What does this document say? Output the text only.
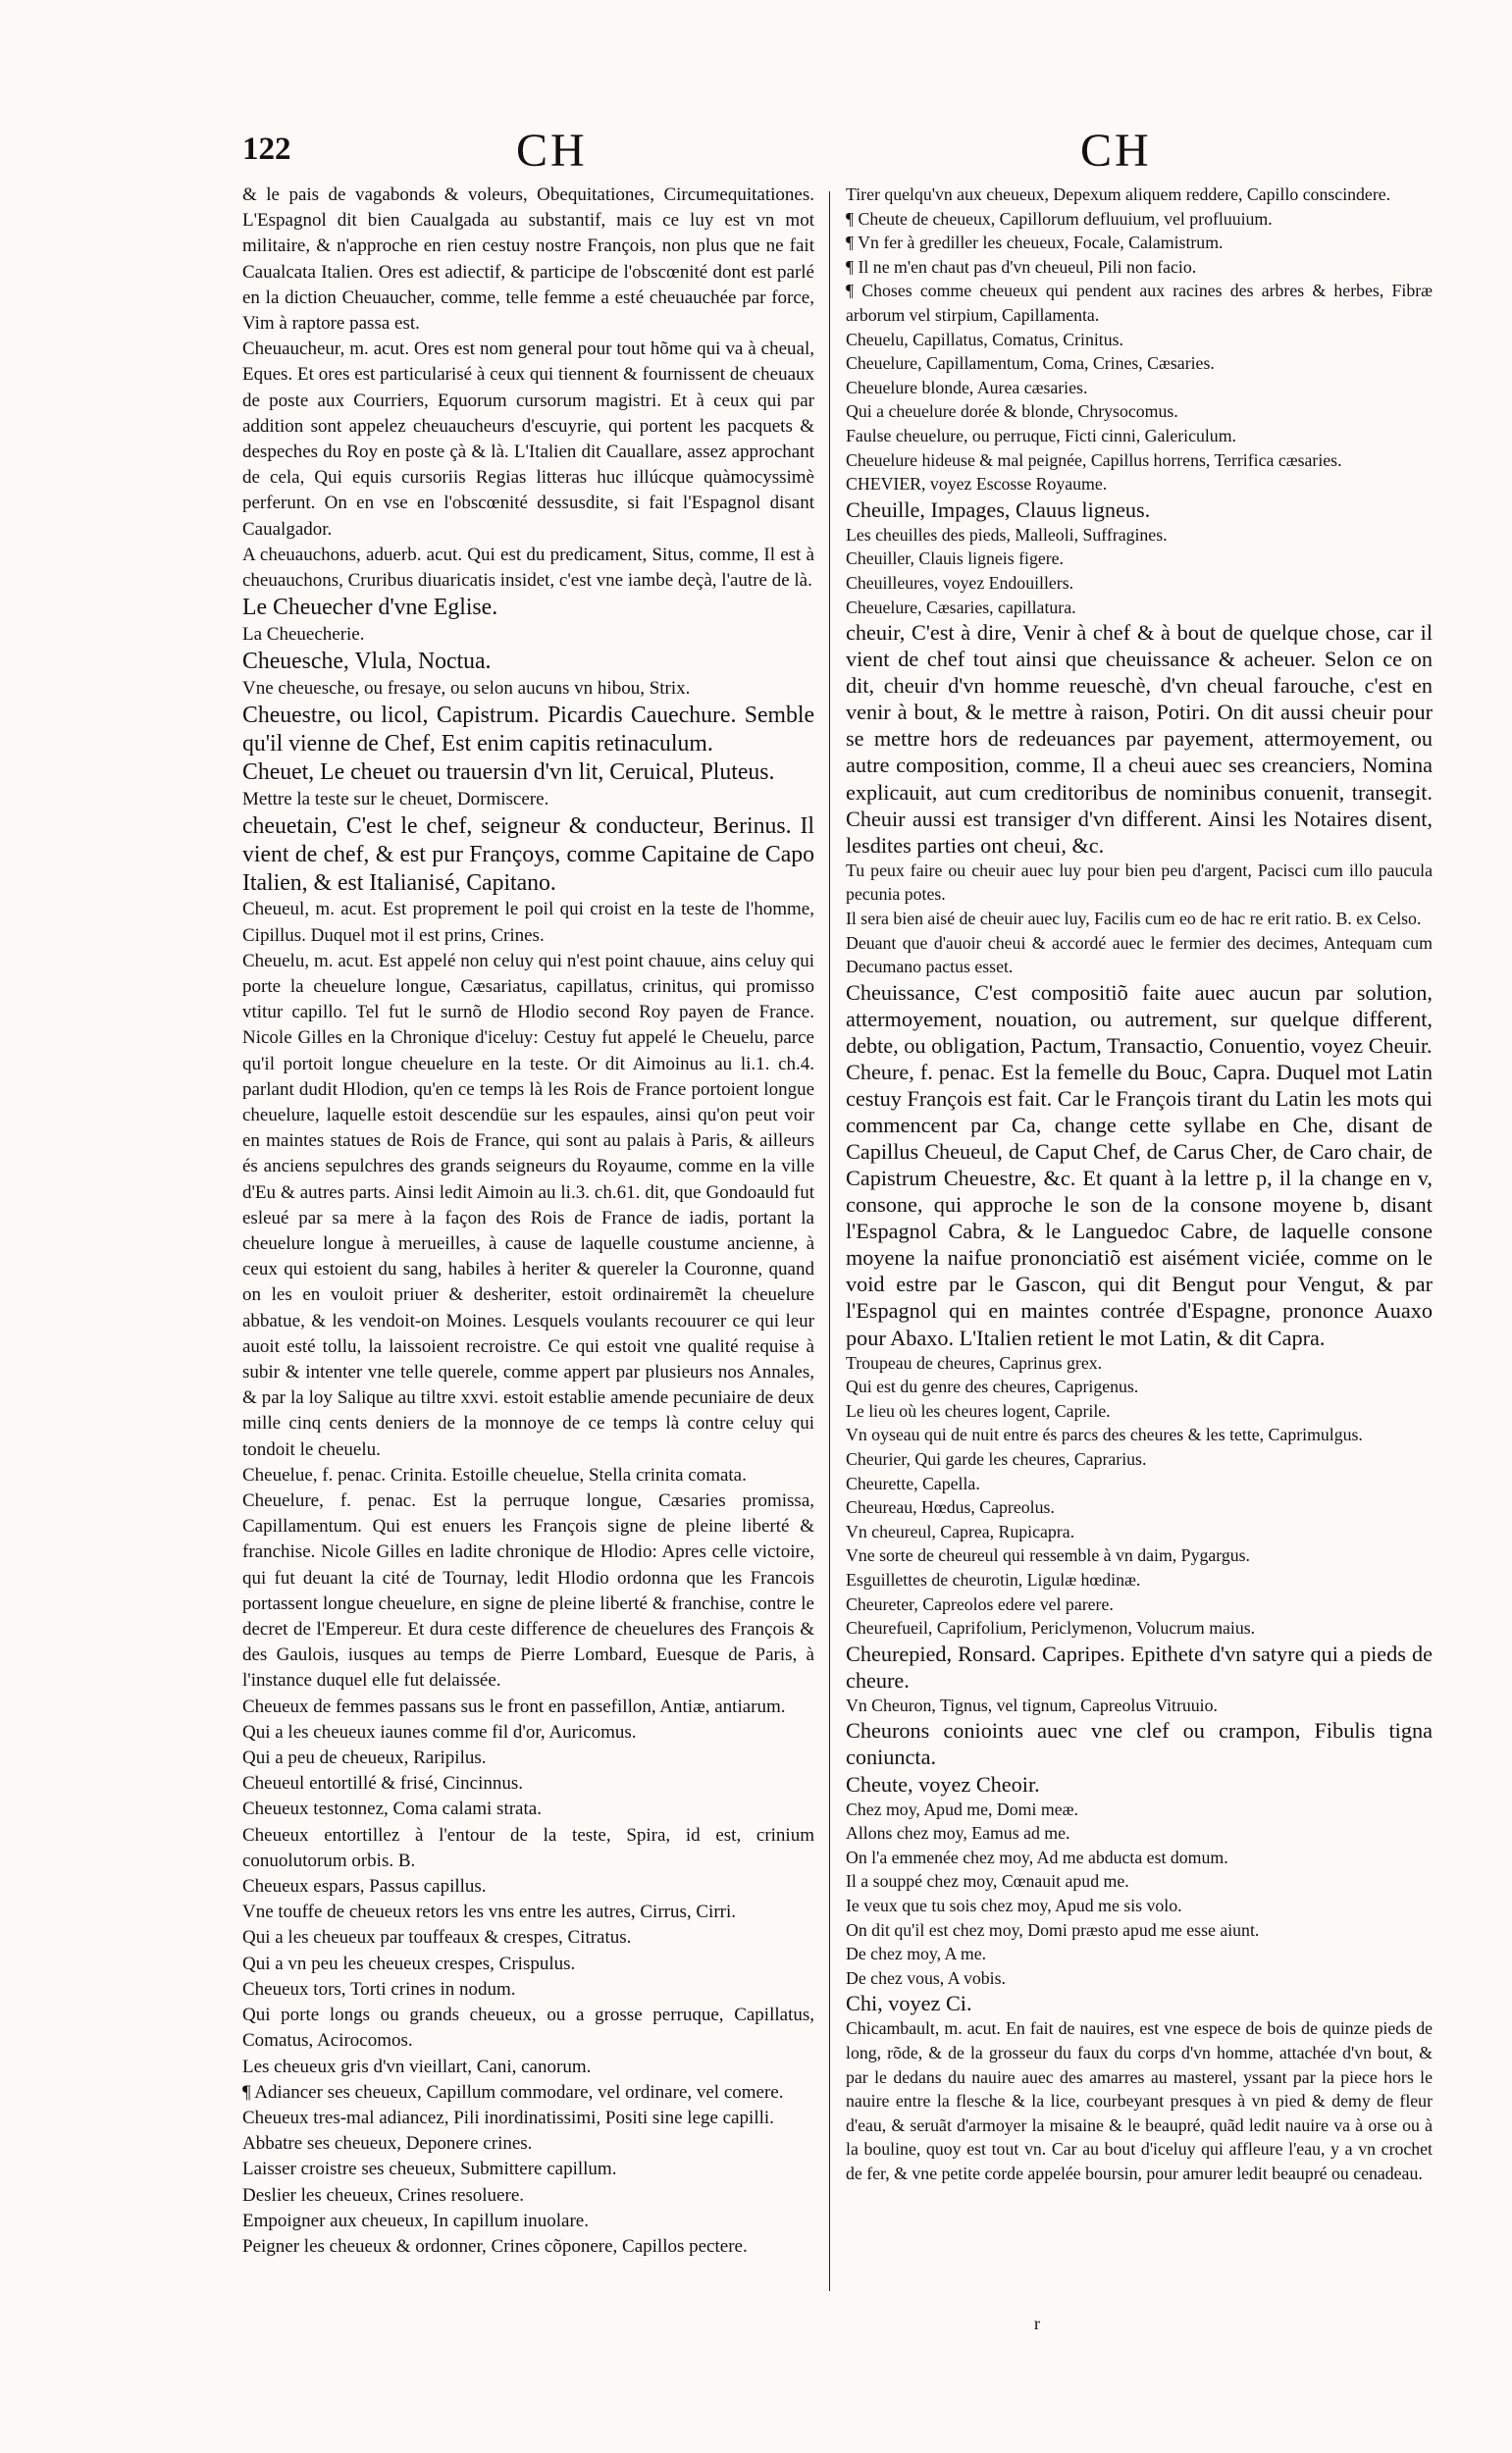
122	CH	CH

& le pais de vagabonds & voleurs, Obequitationes, Circumequitationes. L'Espagnol dit bien Caualgada au substantif, mais ce luy est vn mot militaire, & n'approche en rien cestuy nostre François, non plus que ne fait Caualcata Italien. Ores est adiectif, & participe de l'obscœnité dont est parlé en la diction Cheuaucher, comme, telle femme a esté cheuauchée par force, Vim à raptore passa est.

Cheuaucheur, m. acut. Ores est nom general pour tout hõme qui va à cheual, Eques. Et ores est particularisé à ceux qui tiennent & fournissent de cheuaux de poste aux Courriers, Equorum cursorum magistri. Et à ceux qui par addition sont appelez cheuaucheurs d'escuyrie, qui portent les pacquets & despeches du Roy en poste çà & là. L'Italien dit Cauallare, assez approchant de cela, Qui equis cursoriis Regias litteras huc illúcque quàmocyssimè perferunt. On en vse en l'obscœnité dessusdite, si fait l'Espagnol disant Caualgador.

A cheuauchons, aduerb. acut. Qui est du predicament, Situs, comme, Il est à cheuauchons, Cruribus diuaricatis insidet, c'est vne iambe deçà, l'autre de là.

Le Cheuecher d'vne Eglise.

La Cheuecherie.

Cheuesche, Vlula, Noctua.

Vne cheuesche, ou fresaye, ou selon aucuns vn hibou, Strix.

Cheuestre, ou licol, Capistrum. Picardis Cauechure. Semble qu'il vienne de Chef, Est enim capitis retinaculum.

Cheuet, Le cheuet ou trauersin d'vn lit, Ceruical, Pluteus.

Mettre la teste sur le cheuet, Dormiscere.

cheuetain, C'est le chef, seigneur & conducteur, Berinus. Il vient de chef, & est pur Françoys, comme Capitaine de Capo Italien, & est Italianisé, Capitano.

Cheueul, m. acut. Est proprement le poil qui croist en la teste de l'homme, Cipillus. Duquel mot il est prins, Crines.

Cheuelu, m. acut. Est appelé non celuy qui n'est point chauue, ains celuy qui porte la cheuelure longue, Cæsariatus, capillatus, crinitus, qui promisso vtitur capillo. Tel fut le surnõ de Hlodio second Roy payen de France. Nicole Gilles en la Chronique d'iceluy: Cestuy fut appelé le Cheuelu, parce qu'il portoit longue cheuelure en la teste. Or dit Aimoinus au li.1. ch.4. parlant dudit Hlodion, qu'en ce temps là les Rois de France portoient longue cheuelure, laquelle estoit descendüe sur les espaules, ainsi qu'on peut voir en maintes statues de Rois de France, qui sont au palais à Paris, & ailleurs és anciens sepulchres des grands seigneurs du Royaume, comme en la ville d'Eu & autres parts. Ainsi ledit Aimoin au li.3. ch.61. dit, que Gondoauld fut esleué par sa mere à la façon des Rois de France de iadis, portant la cheuelure longue à merueilles, à cause de laquelle coustume ancienne, à ceux qui estoient du sang, habiles à heriter & quereler la Couronne, quand on les en vouloit priuer & desheriter, estoit ordinairemẽt la cheuelure abbatue, & les vendoit-on Moines. Lesquels voulants recouurer ce qui leur auoit esté tollu, la laissoient recroistre. Ce qui estoit vne qualité requise à subir & intenter vne telle querele, comme appert par plusieurs nos Annales, & par la loy Salique au tiltre xxvi. estoit establie amende pecuniaire de deux mille cinq cents deniers de la monnoye de ce temps là contre celuy qui tondoit le cheuelu.

Cheuelue, f. penac. Crinita. Estoille cheuelue, Stella crinita comata.

Cheuelure, f. penac. Est la perruque longue, Cæsaries promissa, Capillamentum. Qui est enuers les François signe de pleine liberté & franchise. Nicole Gilles en ladite chronique de Hlodio: Apres celle victoire, qui fut deuant la cité de Tournay, ledit Hlodio ordonna que les Francois portassent longue cheuelure, en signe de pleine liberté & franchise, contre le decret de l'Empereur. Et dura ceste difference de cheuelures des François & des Gaulois, iusques au temps de Pierre Lombard, Euesque de Paris, à l'instance duquel elle fut delaissée.

Cheueux de femmes passans sus le front en passefillon, Antiæ, antiarum.

Qui a les cheueux iaunes comme fil d'or, Auricomus.

Qui a peu de cheueux, Raripilus.

Cheueul entortillé & frisé, Cincinnus.

Cheueux testonnez, Coma calami strata.

Cheueux entortillez à l'entour de la teste, Spira, id est, crinium conuolutorum orbis. B.

Cheueux espars, Passus capillus.

Vne touffe de cheueux retors les vns entre les autres, Cirrus, Cirri.

Qui a les cheueux par touffeaux & crespes, Citratus.

Qui a vn peu les cheueux crespes, Crispulus.

Cheueux tors, Torti crines in nodum.

Qui porte longs ou grands cheueux, ou a grosse perruque, Capillatus, Comatus, Acirocomos.

Les cheueux gris d'vn vieillart, Cani, canorum.

¶ Adiancer ses cheueux, Capillum commodare, vel ordinare, vel comere.

Cheueux tres-mal adiancez, Pili inordinatissimi, Positi sine lege capilli.

Abbatre ses cheueux, Deponere crines.

Laisser croistre ses cheueux, Submittere capillum.

Deslier les cheueux, Crines resoluere.

Empoigner aux cheueux, In capillum inuolare.

Peigner les cheueux & ordonner, Crines cõponere, Capillos pectere.

Tirer quelqu'vn aux cheueux, Depexum aliquem reddere, Capillo conscindere.

¶ Cheute de cheueux, Capillorum defluuium, vel profluuium.

¶ Vn fer à grediller les cheueux, Focale, Calamistrum.

¶ Il ne m'en chaut pas d'vn cheueul, Pili non facio.

¶ Choses comme cheueux qui pendent aux racines des arbres & herbes, Fibræ arborum vel stirpium, Capillamenta.

Cheuelu, Capillatus, Comatus, Crinitus.

Cheuelure, Capillamentum, Coma, Crines, Cæsaries.

Cheuelure blonde, Aurea cæsaries.

Qui a cheuelure dorée & blonde, Chrysocomus.

Faulse cheuelure, ou perruque, Ficti cinni, Galericulum.

Cheuelure hideuse & mal peignée, Capillus horrens, Terrifica cæsaries.

CHEVIER, voyez Escosse Royaume.

Cheuille, Impages, Clauus ligneus.

Les cheuilles des pieds, Malleoli, Suffragines.

Cheuiller, Clauis ligneis figere.

Cheuilleures, voyez Endouillers.

Cheuelure, Cæsaries, capillatura.

cheuir, C'est à dire, Venir à chef & à bout de quelque chose, car il vient de chef tout ainsi que cheuissance & acheuer. Selon ce on dit, cheuir d'vn homme reueschè, d'vn cheual farouche, c'est en venir à bout, & le mettre à raison, Potiri. On dit aussi cheuir pour se mettre hors de redeuances par payement, attermoyement, ou autre composition, comme, Il a cheui auec ses creanciers, Nomina explicauit, aut cum creditoribus de nominibus conuenit, transegit. Cheuir aussi est transiger d'vn different. Ainsi les Notaires disent, lesdites parties ont cheui, &c.

Tu peux faire ou cheuir auec luy pour bien peu d'argent, Pacisci cum illo paucula pecunia potes.

Il sera bien aisé de cheuir auec luy, Facilis cum eo de hac re erit ratio. B. ex Celso.

Deuant que d'auoir cheui & accordé auec le fermier des decimes, Antequam cum Decumano pactus esset.

Cheuissance, C'est compositiõ faite auec aucun par solution, attermoyement, nouation, ou autrement, sur quelque different, debte, ou obligation, Pactum, Transactio, Conuentio, voyez Cheuir.

Cheure, f. penac. Est la femelle du Bouc, Capra. Duquel mot Latin cestuy François est fait. Car le François tirant du Latin les mots qui commencent par Ca, change cette syllabe en Che, disant de Capillus Cheueul, de Caput Chef, de Carus Cher, de Caro chair, de Capistrum Cheuestre, &c. Et quant à la lettre p, il la change en v, consone, qui approche le son de la consone moyene b, disant l'Espagnol Cabra, & le Languedoc Cabre, de laquelle consone moyene la naifue prononciatiõ est aisément viciée, comme on le void estre par le Gascon, qui dit Bengut pour Vengut, & par l'Espagnol qui en maintes contrée d'Espagne, prononce Auaxo pour Abaxo. L'Italien retient le mot Latin, & dit Capra.

Troupeau de cheures, Caprinus grex.

Qui est du genre des cheures, Caprigenus.

Le lieu où les cheures logent, Caprile.

Vn oyseau qui de nuit entre és parcs des cheures & les tette, Caprimulgus.

Cheurier, Qui garde les cheures, Caprarius.

Cheurette, Capella.

Cheureau, Hœdus, Capreolus.

Vn cheureul, Caprea, Rupicapra.

Vne sorte de cheureul qui ressemble à vn daim, Pygargus.

Esguillettes de cheurotin, Ligulæ hœdinæ.

Cheureter, Capreolos edere vel parere.

Cheurefueil, Caprifolium, Periclymenon, Volucrum maius.

Cheurepied, Ronsard. Capripes. Epithete d'vn satyre qui a pieds de cheure.

Vn Cheuron, Tignus, vel tignum, Capreolus Vitruuio.

Cheurons conioints auec vne clef ou crampon, Fibulis tigna coniuncta.

Cheute, voyez Cheoir.

Chez moy, Apud me, Domi meæ.

Allons chez moy, Eamus ad me.

On l'a emmenée chez moy, Ad me abducta est domum.

Il a souppé chez moy, Cœnauit apud me.

Ie veux que tu sois chez moy, Apud me sis volo.

On dit qu'il est chez moy, Domi præsto apud me esse aiunt.

De chez moy, A me.

De chez vous, A vobis.

Chi, voyez Ci.

Chicambault, m. acut. En fait de nauires, est vne espece de bois de quinze pieds de long, rõde, & de la grosseur du faux du corps d'vn homme, attachée d'vn bout, & par le dedans du nauire auec des amarres au masterel, yssant par la piece hors le nauire entre la flesche & la lice, courbeyant presques à vn pied & demy de fleur d'eau, & seruãt d'armoyer la misaine & le beaupré, quãd ledit nauire va à orse ou à la bouline, quoy est tout vn. Car au bout d'iceluy qui affleure l'eau, y a vn crochet de fer, & vne petite corde appelée boursin, pour amurer ledit beaupré ou cenadeau.

r
